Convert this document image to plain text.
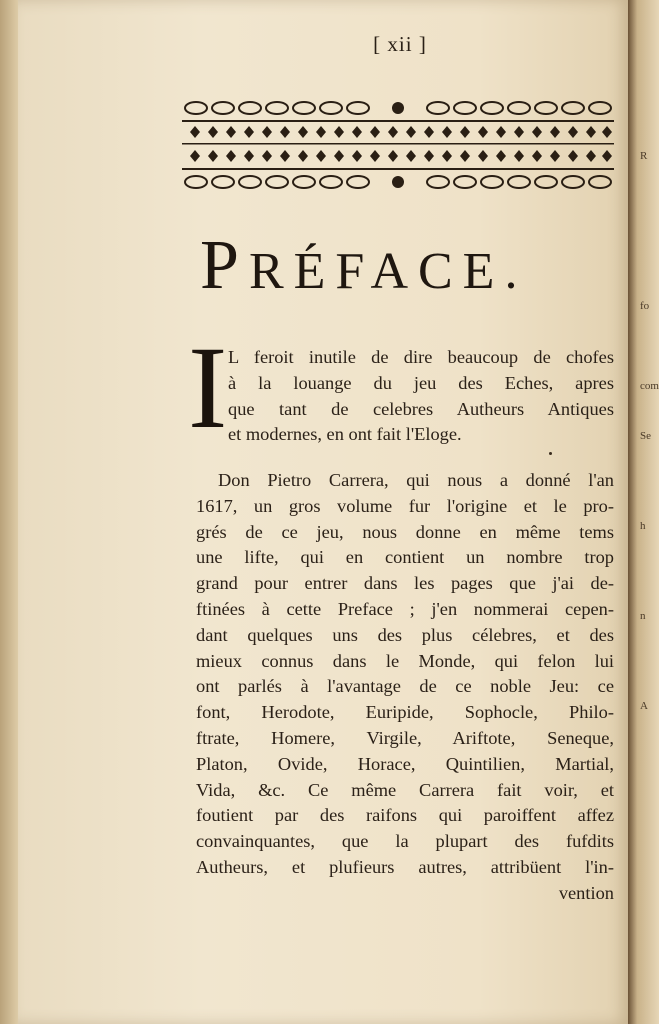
R
fo
com
h
Se
n
A
[ xii ]
PRÉFACE.
I L feroit inutile de dire beaucoup de chofes
à la louange du jeu des Eches, apres
que tant de celebres Autheurs Antiques
et modernes, en ont fait l'Eloge.
Don Pietro Carrera, qui nous a donné l'an
1617, un gros volume fur l'origine et le pro-
grés de ce jeu, nous donne en même tems
une lifte, qui en contient un nombre trop
grand pour entrer dans les pages que j'ai de-
ftinées à cette Preface ; j'en nommerai cepen-
dant quelques uns des plus célebres, et des
mieux connus dans le Monde, qui felon lui
ont parlés à l'avantage de ce noble Jeu: ce
font, Herodote, Euripide, Sophocle, Philo-
ftrate, Homere, Virgile, Ariftote, Seneque,
Platon, Ovide, Horace, Quintilien, Martial,
Vida, &c. Ce même Carrera fait voir, et
foutient par des raifons qui paroiffent affez
convainquantes, que la plupart des fufdits
Autheurs, et plufieurs autres, attribüent l'in-
vention
